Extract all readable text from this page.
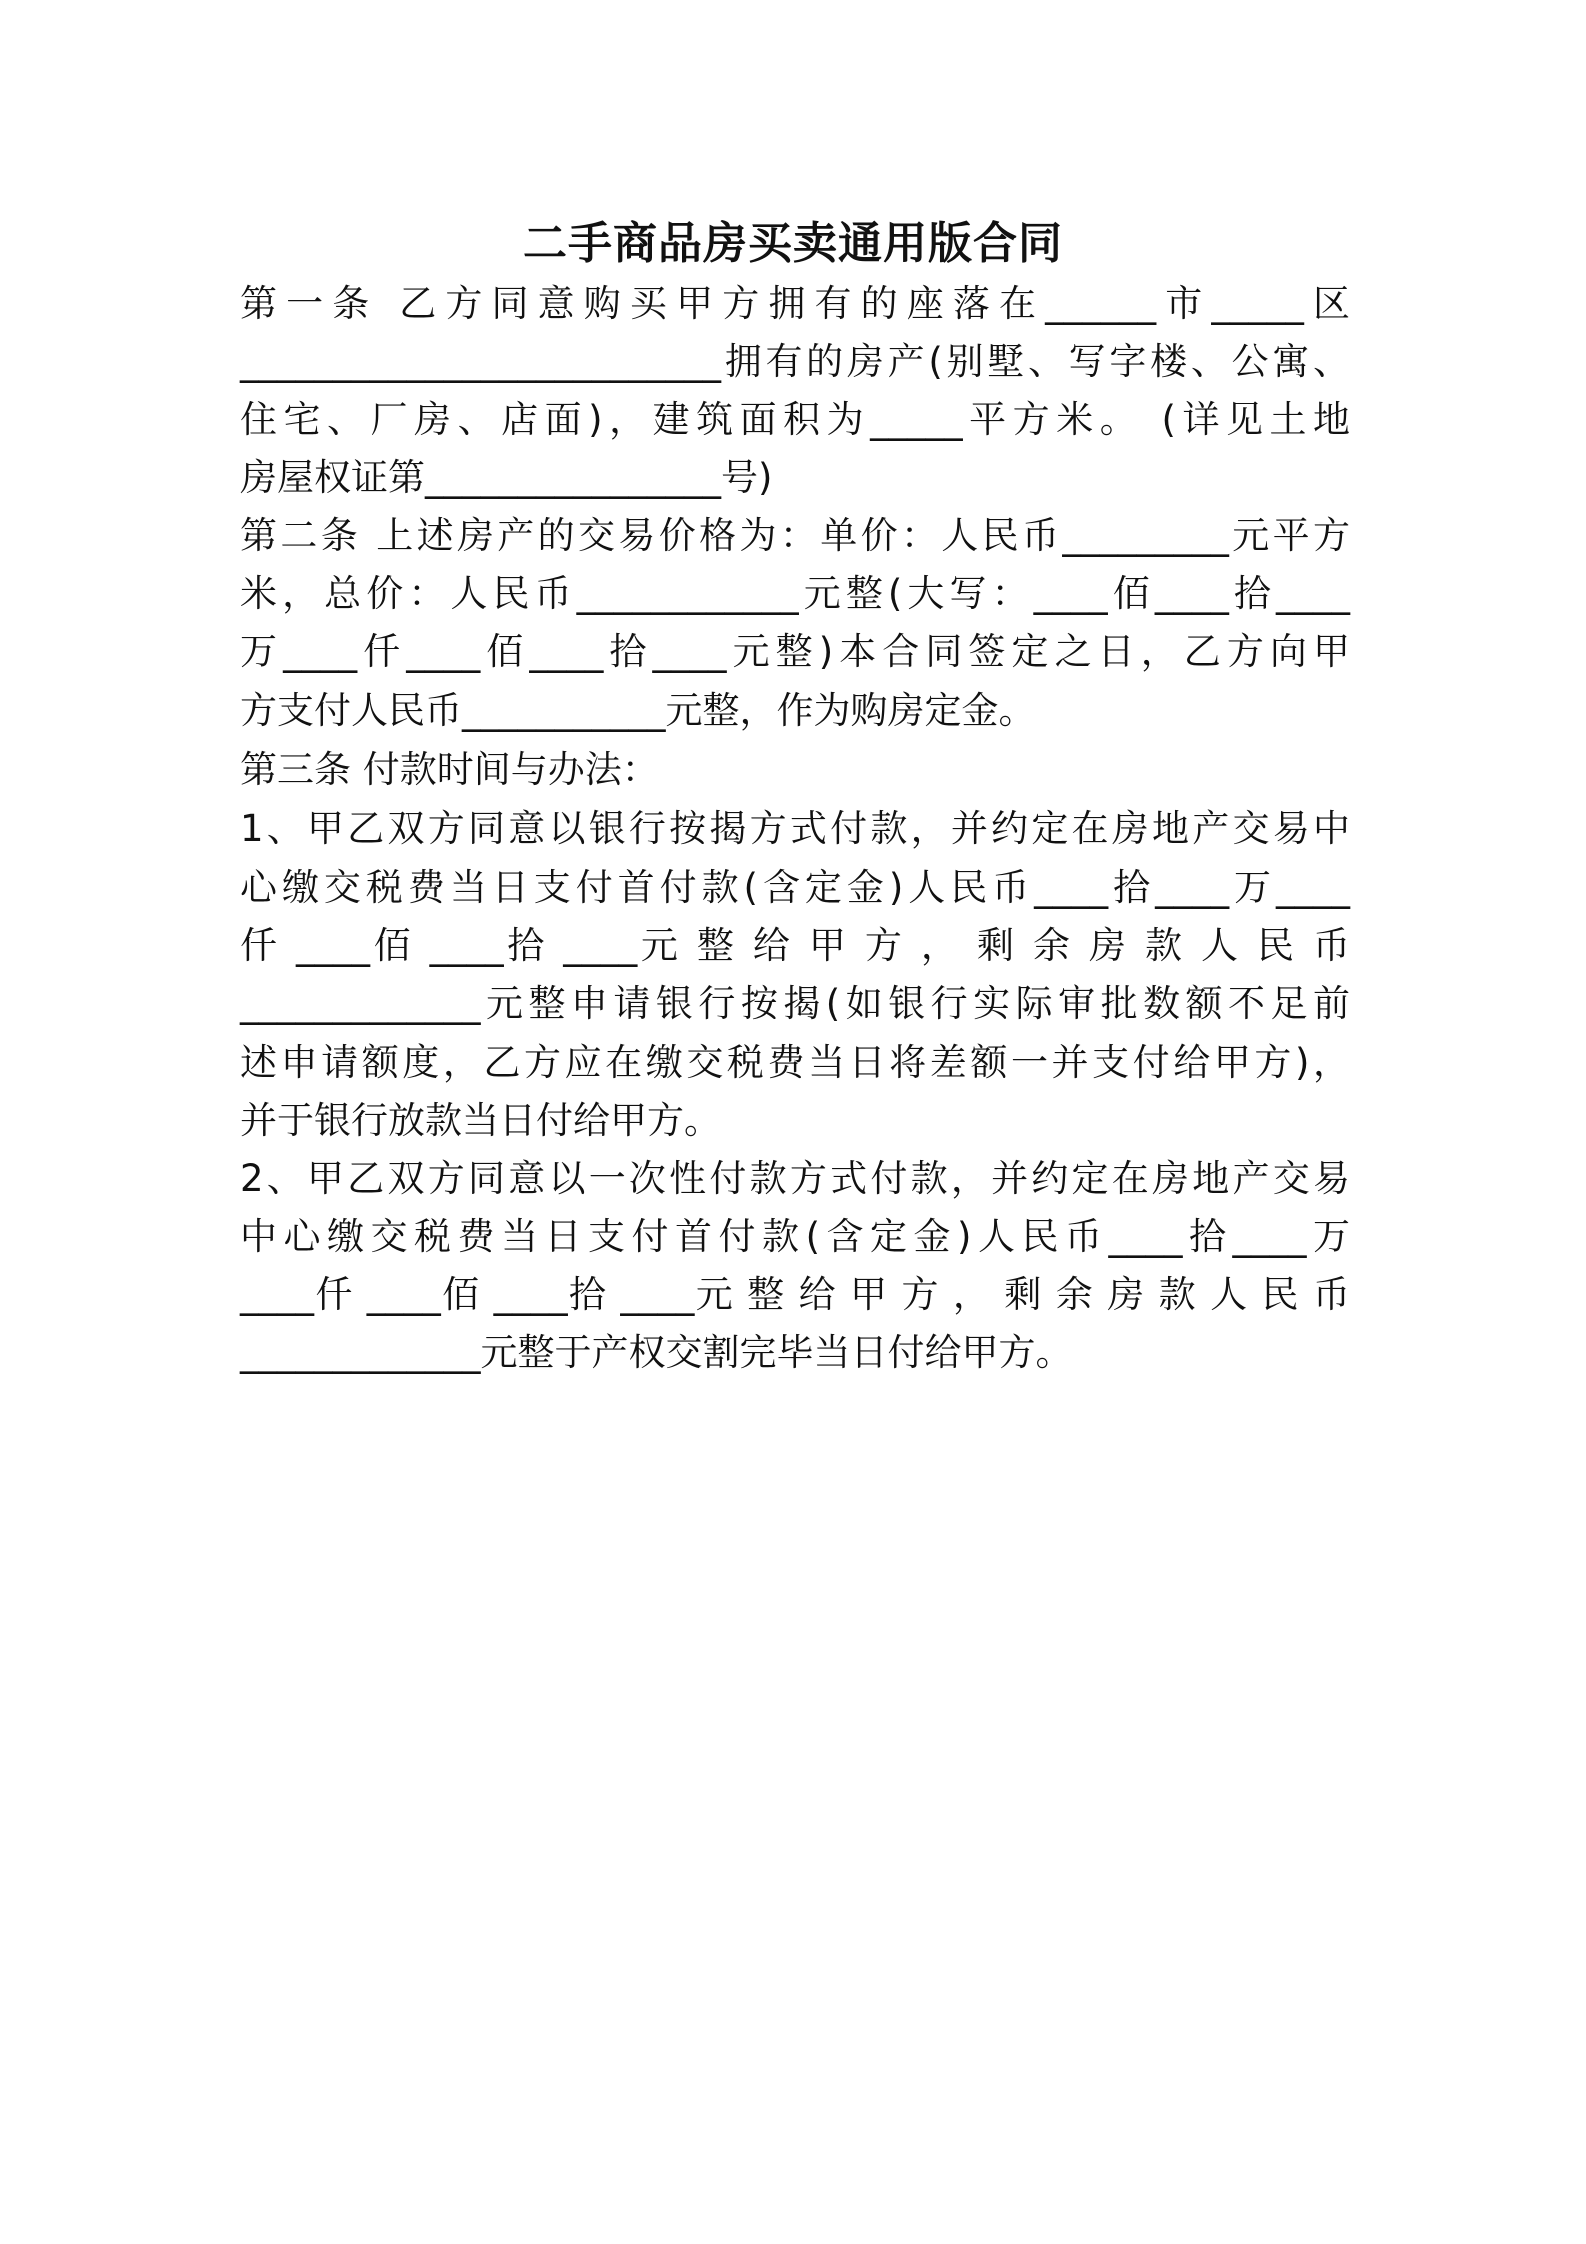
二手商品房买卖通用版合同

第一条 乙方同意购买甲方拥有的座落在______市_____区

__________________________拥有的房产(别墅、写字楼、公寓、

住宅、厂房、店面)，建筑面积为_____平方米。 (详见土地

房屋权证第________________号)

第二条 上述房产的交易价格为：单价：人民币_________元平方

米，总价：人民币____________元整(大写：____佰____拾____

万____仟____佰____拾____元整)本合同签定之日，乙方向甲

方支付人民币___________元整，作为购房定金。

第三条 付款时间与办法：

1、甲乙双方同意以银行按揭方式付款，并约定在房地产交易中

心缴交税费当日支付首付款(含定金)人民币____拾____万____

仟 ____佰 ____拾 ____元 整 给 甲 方 ， 剩 余 房 款 人 民 币

_____________元整申请银行按揭(如银行实际审批数额不足前

述申请额度，乙方应在缴交税费当日将差额一并支付给甲方)，

并于银行放款当日付给甲方。

2、甲乙双方同意以一次性付款方式付款，并约定在房地产交易

中心缴交税费当日支付首付款(含定金)人民币____拾____万

____仟 ____佰 ____拾 ____元 整 给 甲 方 ， 剩 余 房 款 人 民 币

_____________元整于产权交割完毕当日付给甲方。
